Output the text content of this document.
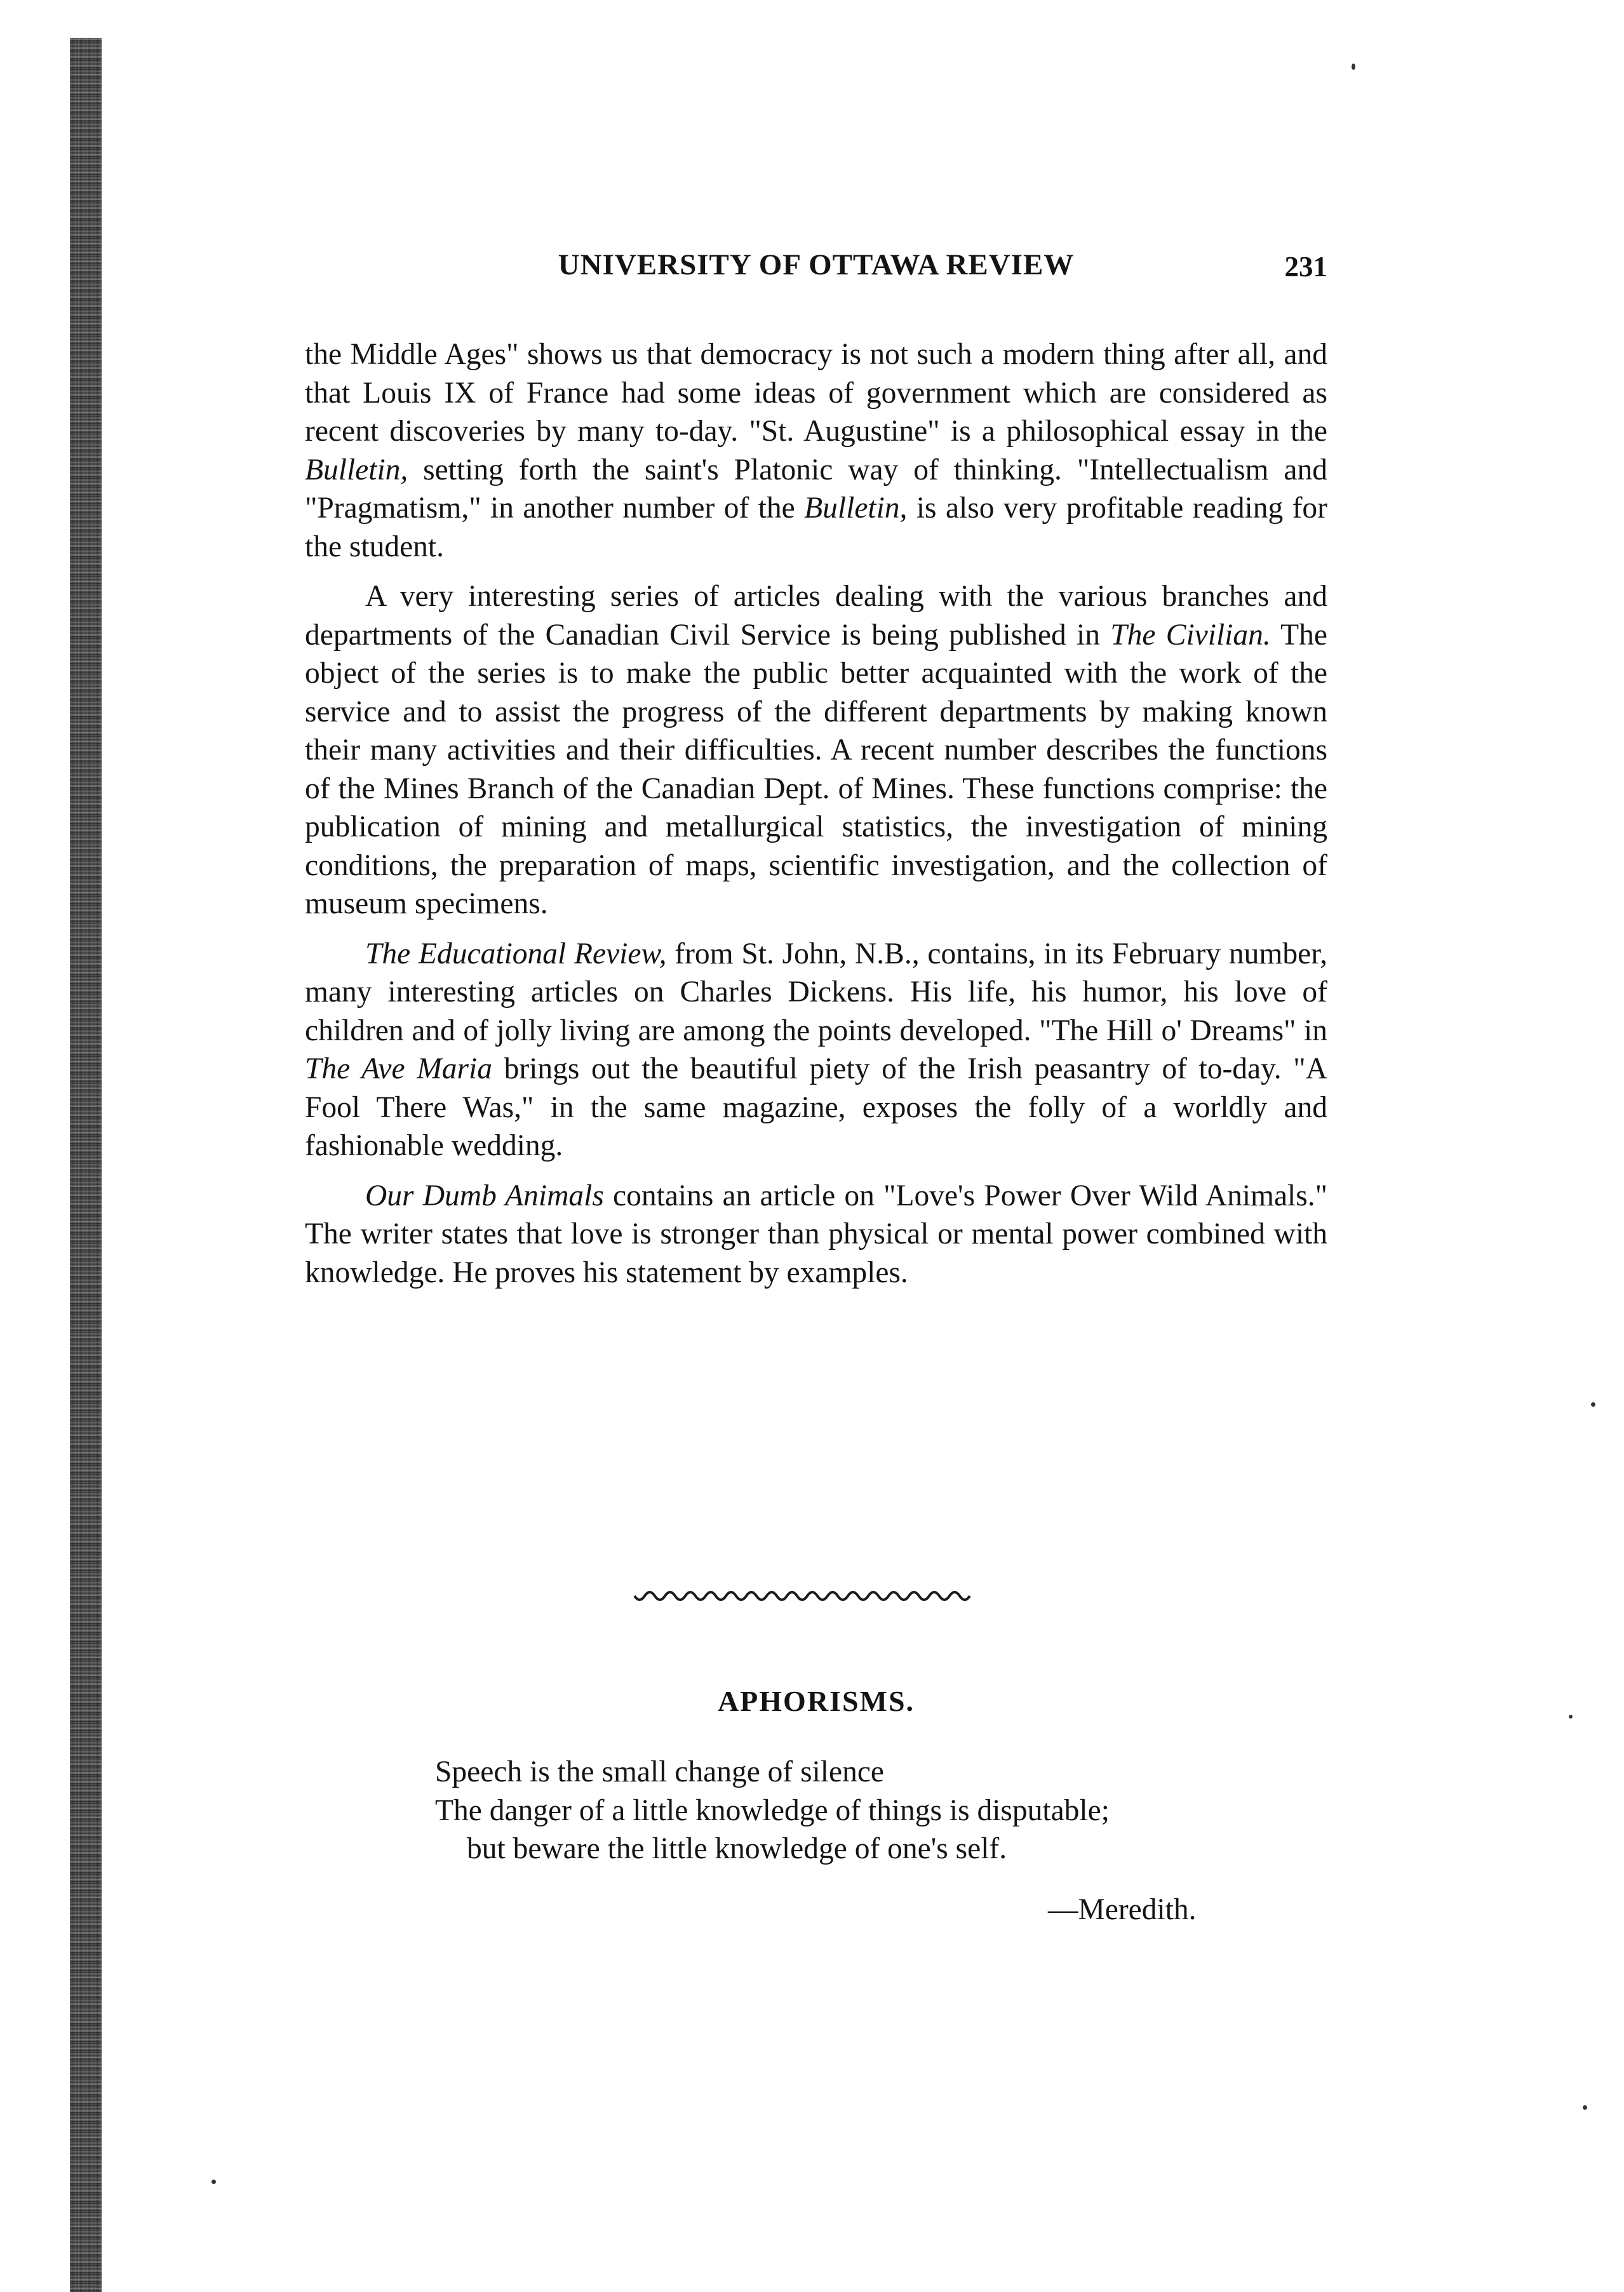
UNIVERSITY OF OTTAWA REVIEW	231

the Middle Ages" shows us that democracy is not such a modern thing after all, and that Louis IX of France had some ideas of government which are considered as recent discoveries by many to-day. "St. Augustine" is a philosophical essay in the Bulletin, setting forth the saint's Platonic way of thinking. "Intellectualism and "Pragmatism," in another number of the Bulletin, is also very profitable reading for the student.

A very interesting series of articles dealing with the various branches and departments of the Canadian Civil Service is being published in The Civilian. The object of the series is to make the public better acquainted with the work of the service and to assist the progress of the different departments by making known their many activities and their difficulties. A recent number describes the functions of the Mines Branch of the Canadian Dept. of Mines. These functions comprise: the publication of mining and metallurgical statistics, the investigation of mining conditions, the preparation of maps, scientific investigation, and the collection of museum specimens.

The Educational Review, from St. John, N.B., contains, in its February number, many interesting articles on Charles Dickens. His life, his humor, his love of children and of jolly living are among the points developed. "The Hill o' Dreams" in The Ave Maria brings out the beautiful piety of the Irish peasantry of to-day. "A Fool There Was," in the same magazine, exposes the folly of a worldly and fashionable wedding.

Our Dumb Animals contains an article on "Love's Power Over Wild Animals." The writer states that love is stronger than physical or mental power combined with knowledge. He proves his statement by examples.

APHORISMS.
Speech is the small change of silence
The danger of a little knowledge of things is disputable;
but beware the little knowledge of one's self.
—Meredith.
